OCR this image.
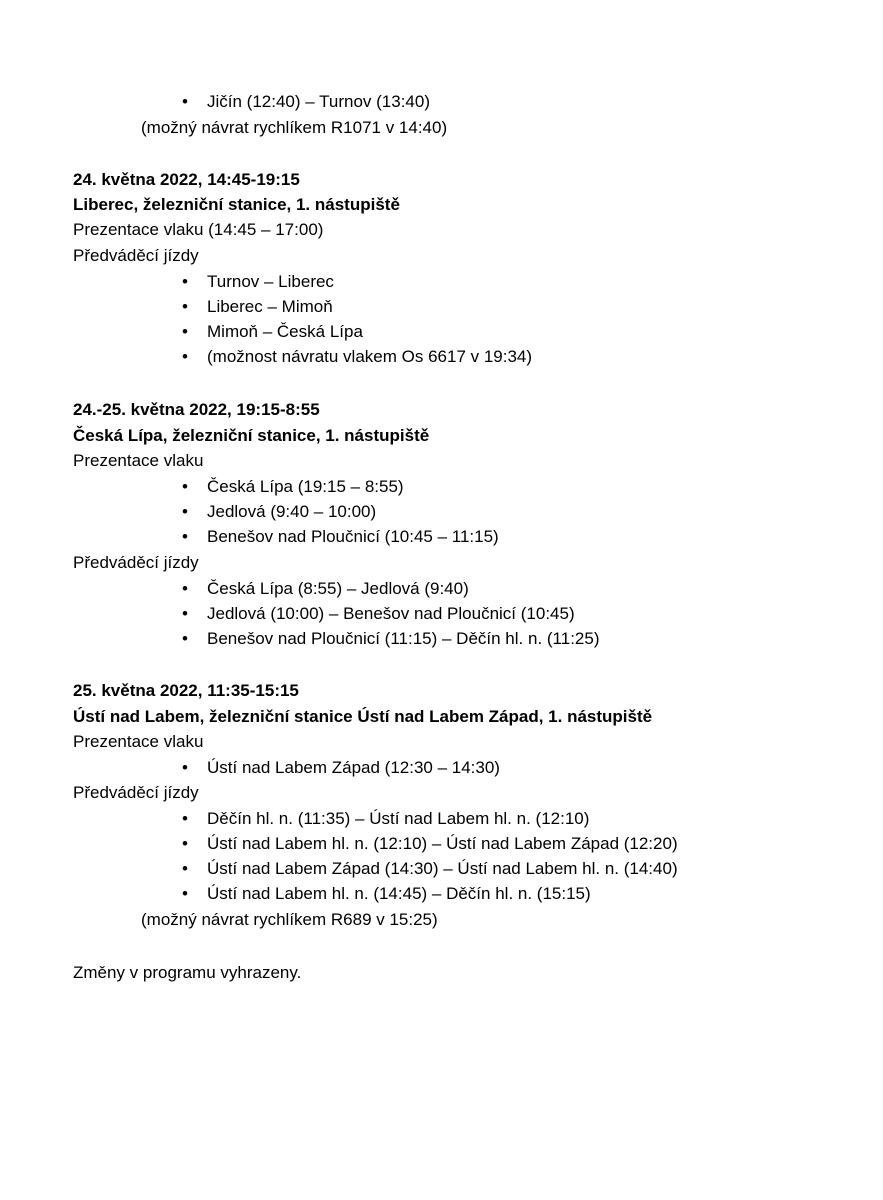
•	Jičín (12:40) – Turnov (13:40)
(možný návrat rychlíkem R1071 v 14:40)
24. května 2022, 14:45-19:15
Liberec, železniční stanice, 1. nástupiště
Prezentace vlaku (14:45 – 17:00)
Předváděcí jízdy
•	Turnov – Liberec
•	Liberec – Mimoň
•	Mimoň – Česká Lípa
•	(možnost návratu vlakem Os 6617 v 19:34)
24.-25. května 2022, 19:15-8:55
Česká Lípa, železniční stanice, 1. nástupiště
Prezentace vlaku
•	Česká Lípa (19:15 – 8:55)
•	Jedlová (9:40 – 10:00)
•	Benešov nad Ploučnicí (10:45 – 11:15)
Předváděcí jízdy
•	Česká Lípa (8:55) – Jedlová (9:40)
•	Jedlová (10:00) – Benešov nad Ploučnicí (10:45)
•	Benešov nad Ploučnicí (11:15) – Děčín hl. n. (11:25)
25. května 2022, 11:35-15:15
Ústí nad Labem, železniční stanice Ústí nad Labem Západ, 1. nástupiště
Prezentace vlaku
•	Ústí nad Labem Západ (12:30 – 14:30)
Předváděcí jízdy
•	Děčín hl. n. (11:35) – Ústí nad Labem hl. n. (12:10)
•	Ústí nad Labem hl. n. (12:10) – Ústí nad Labem Západ (12:20)
•	Ústí nad Labem Západ (14:30) – Ústí nad Labem hl. n. (14:40)
•	Ústí nad Labem hl. n. (14:45) – Děčín hl. n. (15:15)
(možný návrat rychlíkem R689 v 15:25)
Změny v programu vyhrazeny.
